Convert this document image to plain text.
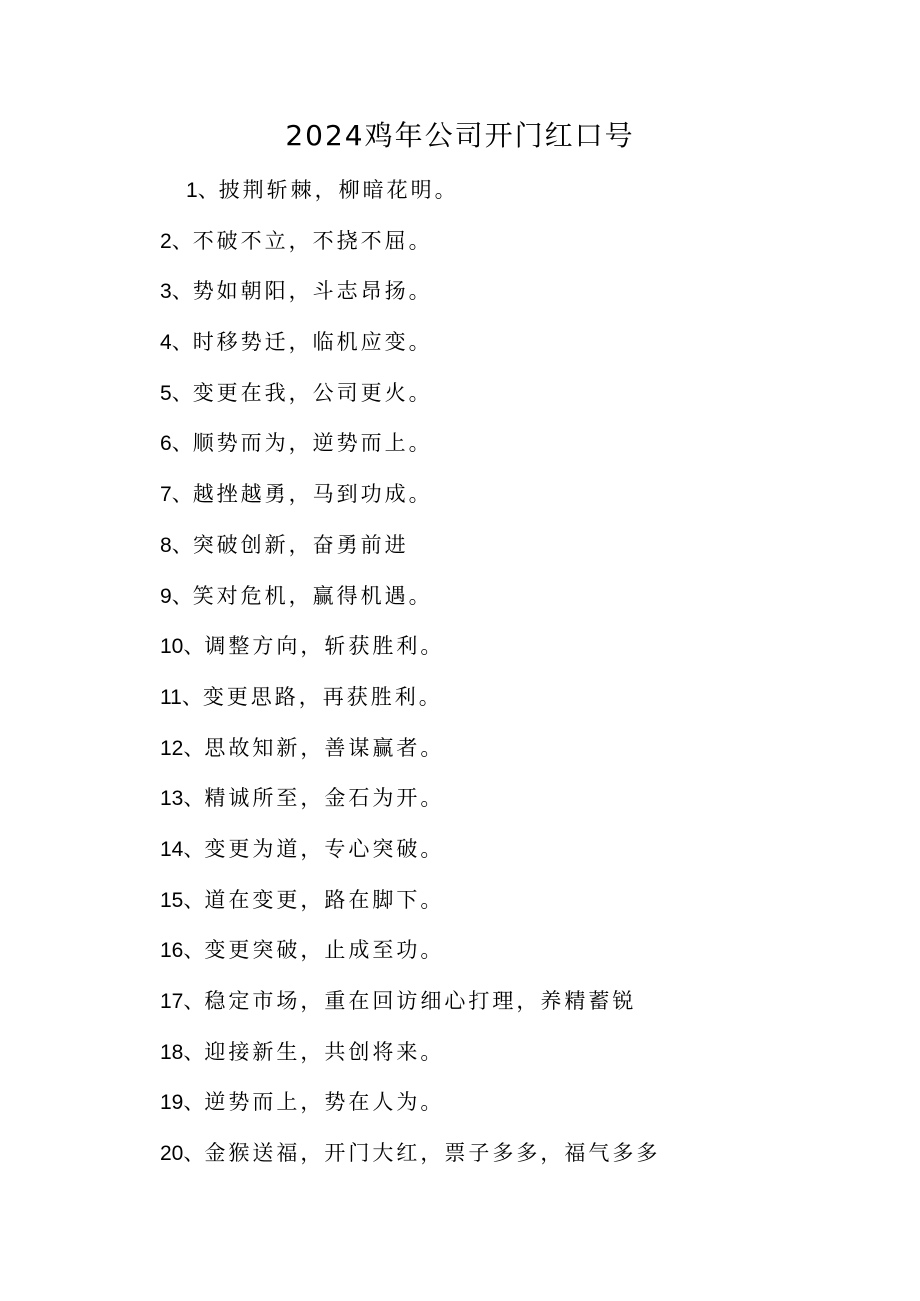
2024鸡年公司开门红口号
1、披荆斩棘，柳暗花明。
2、不破不立，不挠不屈。
3、势如朝阳，斗志昂扬。
4、时移势迁，临机应变。
5、变更在我，公司更火。
6、顺势而为，逆势而上。
7、越挫越勇，马到功成。
8、突破创新，奋勇前进
9、笑对危机，赢得机遇。
10、调整方向，斩获胜利。
11、变更思路，再获胜利。
12、思故知新，善谋赢者。
13、精诚所至，金石为开。
14、变更为道，专心突破。
15、道在变更，路在脚下。
16、变更突破，止成至功。
17、稳定市场，重在回访细心打理，养精蓄锐
18、迎接新生，共创将来。
19、逆势而上，势在人为。
20、金猴送福，开门大红，票子多多，福气多多
